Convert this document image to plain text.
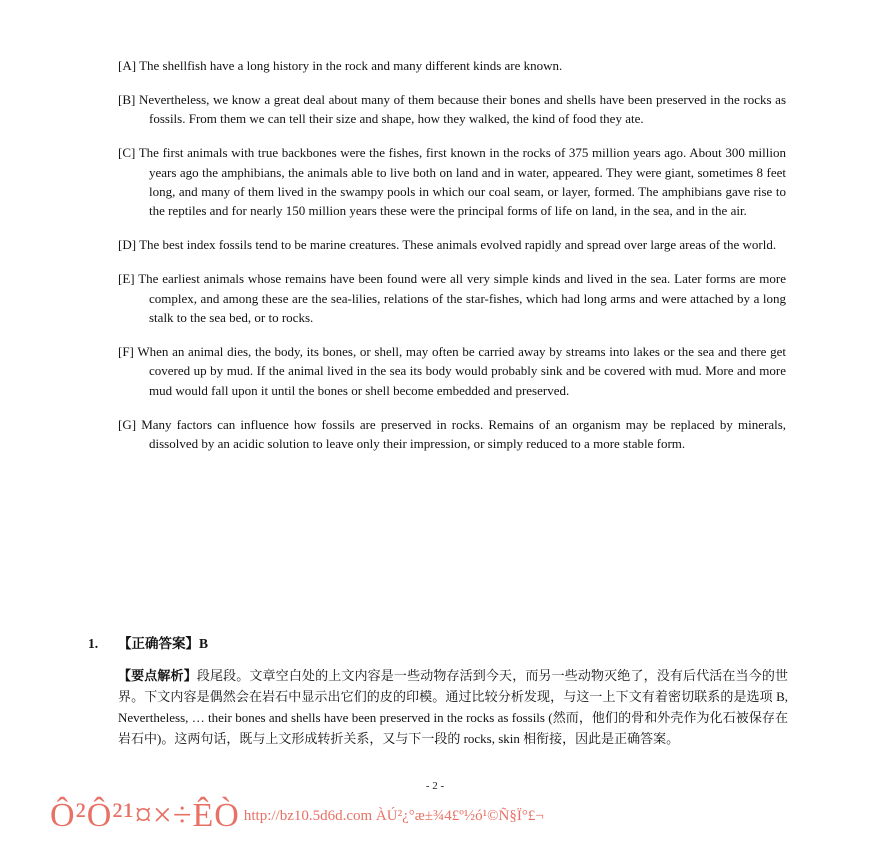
[A] The shellfish have a long history in the rock and many different kinds are known.

[B] Nevertheless, we know a great deal about many of them because their bones and shells have been preserved in the rocks as fossils. From them we can tell their size and shape, how they walked, the kind of food they ate.

[C] The first animals with true backbones were the fishes, first known in the rocks of 375 million years ago. About 300 million years ago the amphibians, the animals able to live both on land and in water, appeared. They were giant, sometimes 8 feet long, and many of them lived in the swampy pools in which our coal seam, or layer, formed. The amphibians gave rise to the reptiles and for nearly 150 million years these were the principal forms of life on land, in the sea, and in the air.

[D] The best index fossils tend to be marine creatures. These animals evolved rapidly and spread over large areas of the world.

[E] The earliest animals whose remains have been found were all very simple kinds and lived in the sea. Later forms are more complex, and among these are the sea-lilies, relations of the star-fishes, which had long arms and were attached by a long stalk to the sea bed, or to rocks.

[F] When an animal dies, the body, its bones, or shell, may often be carried away by streams into lakes or the sea and there get covered up by mud. If the animal lived in the sea its body would probably sink and be covered with mud. More and more mud would fall upon it until the bones or shell become embedded and preserved.

[G] Many factors can influence how fossils are preserved in rocks. Remains of an organism may be replaced by minerals, dissolved by an acidic solution to leave only their impression, or simply reduced to a more stable form.

1. 【正确答案】B

【要点解析】段尾段。文章空白处的上文内容是一些动物存活到今天，而另一些动物灭绝了，没有后代活在当今的世界。下文内容是偶然会在岩石中显示出它们的皮的印模。通过比较分析发现，与这一上下文有着密切联系的是选项 B, Nevertheless, … their bones and shells have been preserved in the rocks as fossils (然而，他们的骨和外壳作为化石被保存在岩石中)。这两句话，既与上文形成转折关系，又与下一段的 rocks, skin 相衔接，因此是正确答案。

- 2 -
Ô²Ô²¹¤×÷ÊÒ http://bz10.5d6d.com ÀÚ²¿°æ±¾4£º½ó¹©Ñ§Ï°£¬
